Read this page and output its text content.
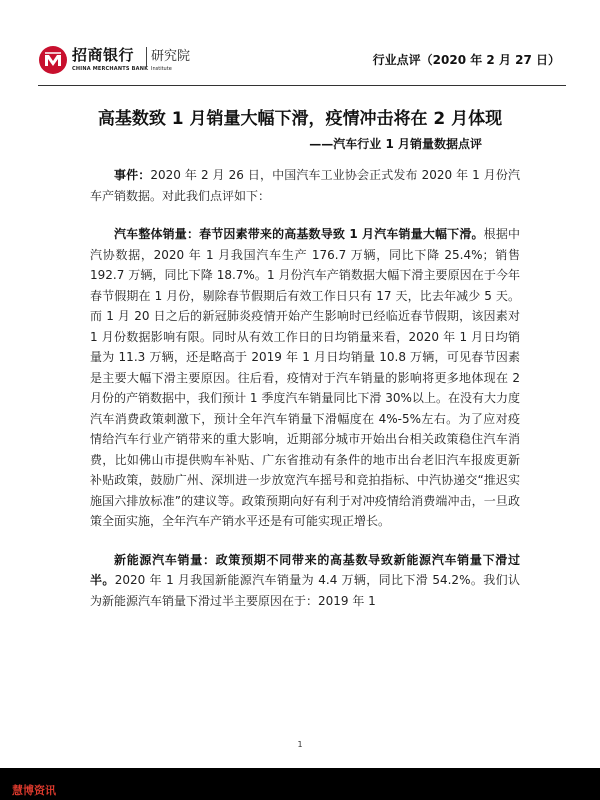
招商银行 研究院
CHINA MERCHANTS BANK Institute
行业点评（2020 年 2 月 27 日）
高基数致 1 月销量大幅下滑，疫情冲击将在 2 月体现
——汽车行业 1 月销量数据点评

事件：2020 年 2 月 26 日，中国汽车工业协会正式发布 2020 年 1 月份汽车产销数据。对此我们点评如下：

汽车整体销量：春节因素带来的高基数导致 1 月汽车销量大幅下滑。根据中汽协数据，2020 年 1 月我国汽车生产 176.7 万辆，同比下降 25.4%；销售 192.7 万辆，同比下降 18.7%。1 月份汽车产销数据大幅下滑主要原因在于今年春节假期在 1 月份，剔除春节假期后有效工作日只有 17 天，比去年减少 5 天。而 1 月 20 日之后的新冠肺炎疫情开始产生影响时已经临近春节假期，该因素对 1 月份数据影响有限。同时从有效工作日的日均销量来看，2020 年 1 月日均销量为 11.3 万辆，还是略高于 2019 年 1 月日均销量 10.8 万辆，可见春节因素是主要大幅下滑主要原因。往后看，疫情对于汽车销量的影响将更多地体现在 2 月份的产销数据中，我们预计 1 季度汽车销量同比下滑 30%以上。在没有大力度汽车消费政策刺激下，预计全年汽车销量下滑幅度在 4%-5%左右。为了应对疫情给汽车行业产销带来的重大影响，近期部分城市开始出台相关政策稳住汽车消费，比如佛山市提供购车补贴、广东省推动有条件的地市出台老旧汽车报废更新补贴政策，鼓励广州、深圳进一步放宽汽车摇号和竞拍指标、中汽协递交“推迟实施国六排放标准”的建议等。政策预期向好有利于对冲疫情给消费端冲击，一旦政策全面实施，全年汽车产销水平还是有可能实现正增长。

新能源汽车销量：政策预期不同带来的高基数导致新能源汽车销量下滑过半。2020 年 1 月我国新能源汽车销量为 4.4 万辆，同比下滑 54.2%。我们认为新能源汽车销量下滑过半主要原因在于：2019 年 1

1
慧博资讯
